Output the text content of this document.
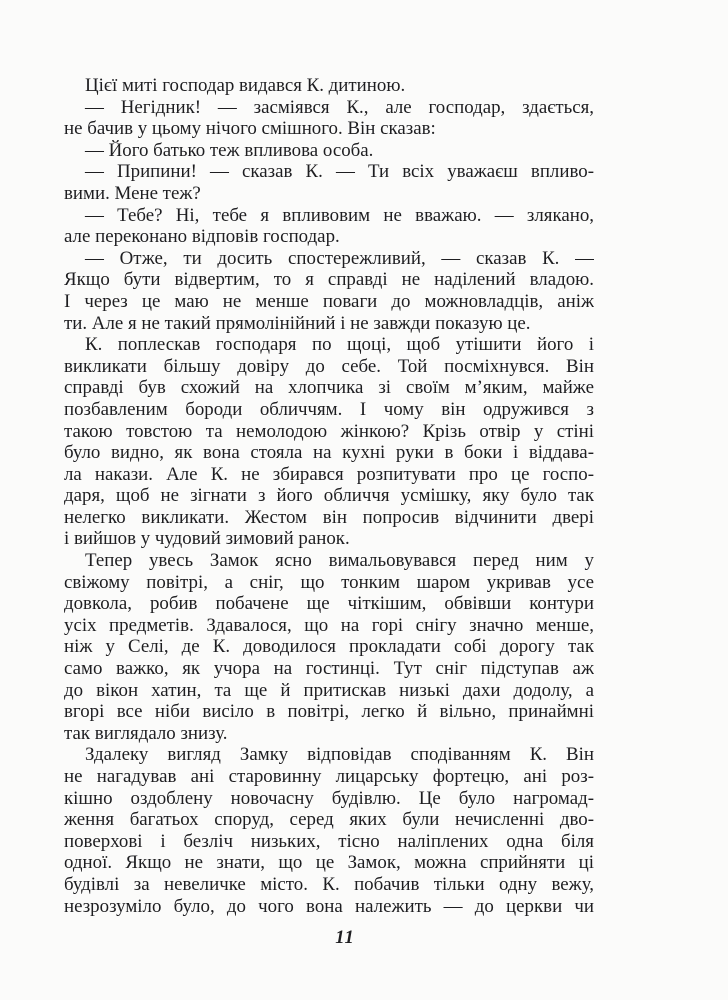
Цієї миті господар видався К. дитиною.
— Негідник! — засміявся К., але господар, здається,
не бачив у цьому нічого смішного. Він сказав:
— Його батько теж впливова особа.
— Припини! — сказав К. — Ти всіх уважаєш впливо-
вими. Мене теж?
— Тебе? Ні, тебе я впливовим не вважаю. — злякано,
але переконано відповів господар.
— Отже, ти досить спостережливий, — сказав К. —
Якщо бути відвертим, то я справді не наділений владою.
І через це маю не менше поваги до можновладців, аніж
ти. Але я не такий прямолінійний і не завжди показую це.
К. поплескав господаря по щоці, щоб утішити його і
викликати більшу довіру до себе. Той посміхнувся. Він
справді був схожий на хлопчика зі своїм м’яким, майже
позбавленим бороди обличчям. І чому він одружився з
такою товстою та немолодою жінкою? Крізь отвір у стіні
було видно, як вона стояла на кухні руки в боки і віддава-
ла накази. Але К. не збирався розпитувати про це госпо-
даря, щоб не зігнати з його обличчя усмішку, яку було так
нелегко викликати. Жестом він попросив відчинити двері
і вийшов у чудовий зимовий ранок.
Тепер увесь Замок ясно вимальовувався перед ним у
свіжому повітрі, а сніг, що тонким шаром укривав усе
довкола, робив побачене ще чіткішим, обвівши контури
усіх предметів. Здавалося, що на горі снігу значно менше,
ніж у Селі, де К. доводилося прокладати собі дорогу так
само важко, як учора на гостинці. Тут сніг підступав аж
до вікон хатин, та ще й притискав низькі дахи додолу, а
вгорі все ніби висіло в повітрі, легко й вільно, принаймні
так виглядало знизу.
Здалеку вигляд Замку відповідав сподіванням К. Він
не нагадував ані старовинну лицарську фортецю, ані роз-
кішно оздоблену новочасну будівлю. Це було нагромад-
ження багатьох споруд, серед яких були нечисленні дво-
поверхові і безліч низьких, тісно наліплених одна біля
одної. Якщо не знати, що це Замок, можна сприйняти ці
будівлі за невеличке місто. К. побачив тільки одну вежу,
незрозуміло було, до чого вона належить — до церкви чи
11
